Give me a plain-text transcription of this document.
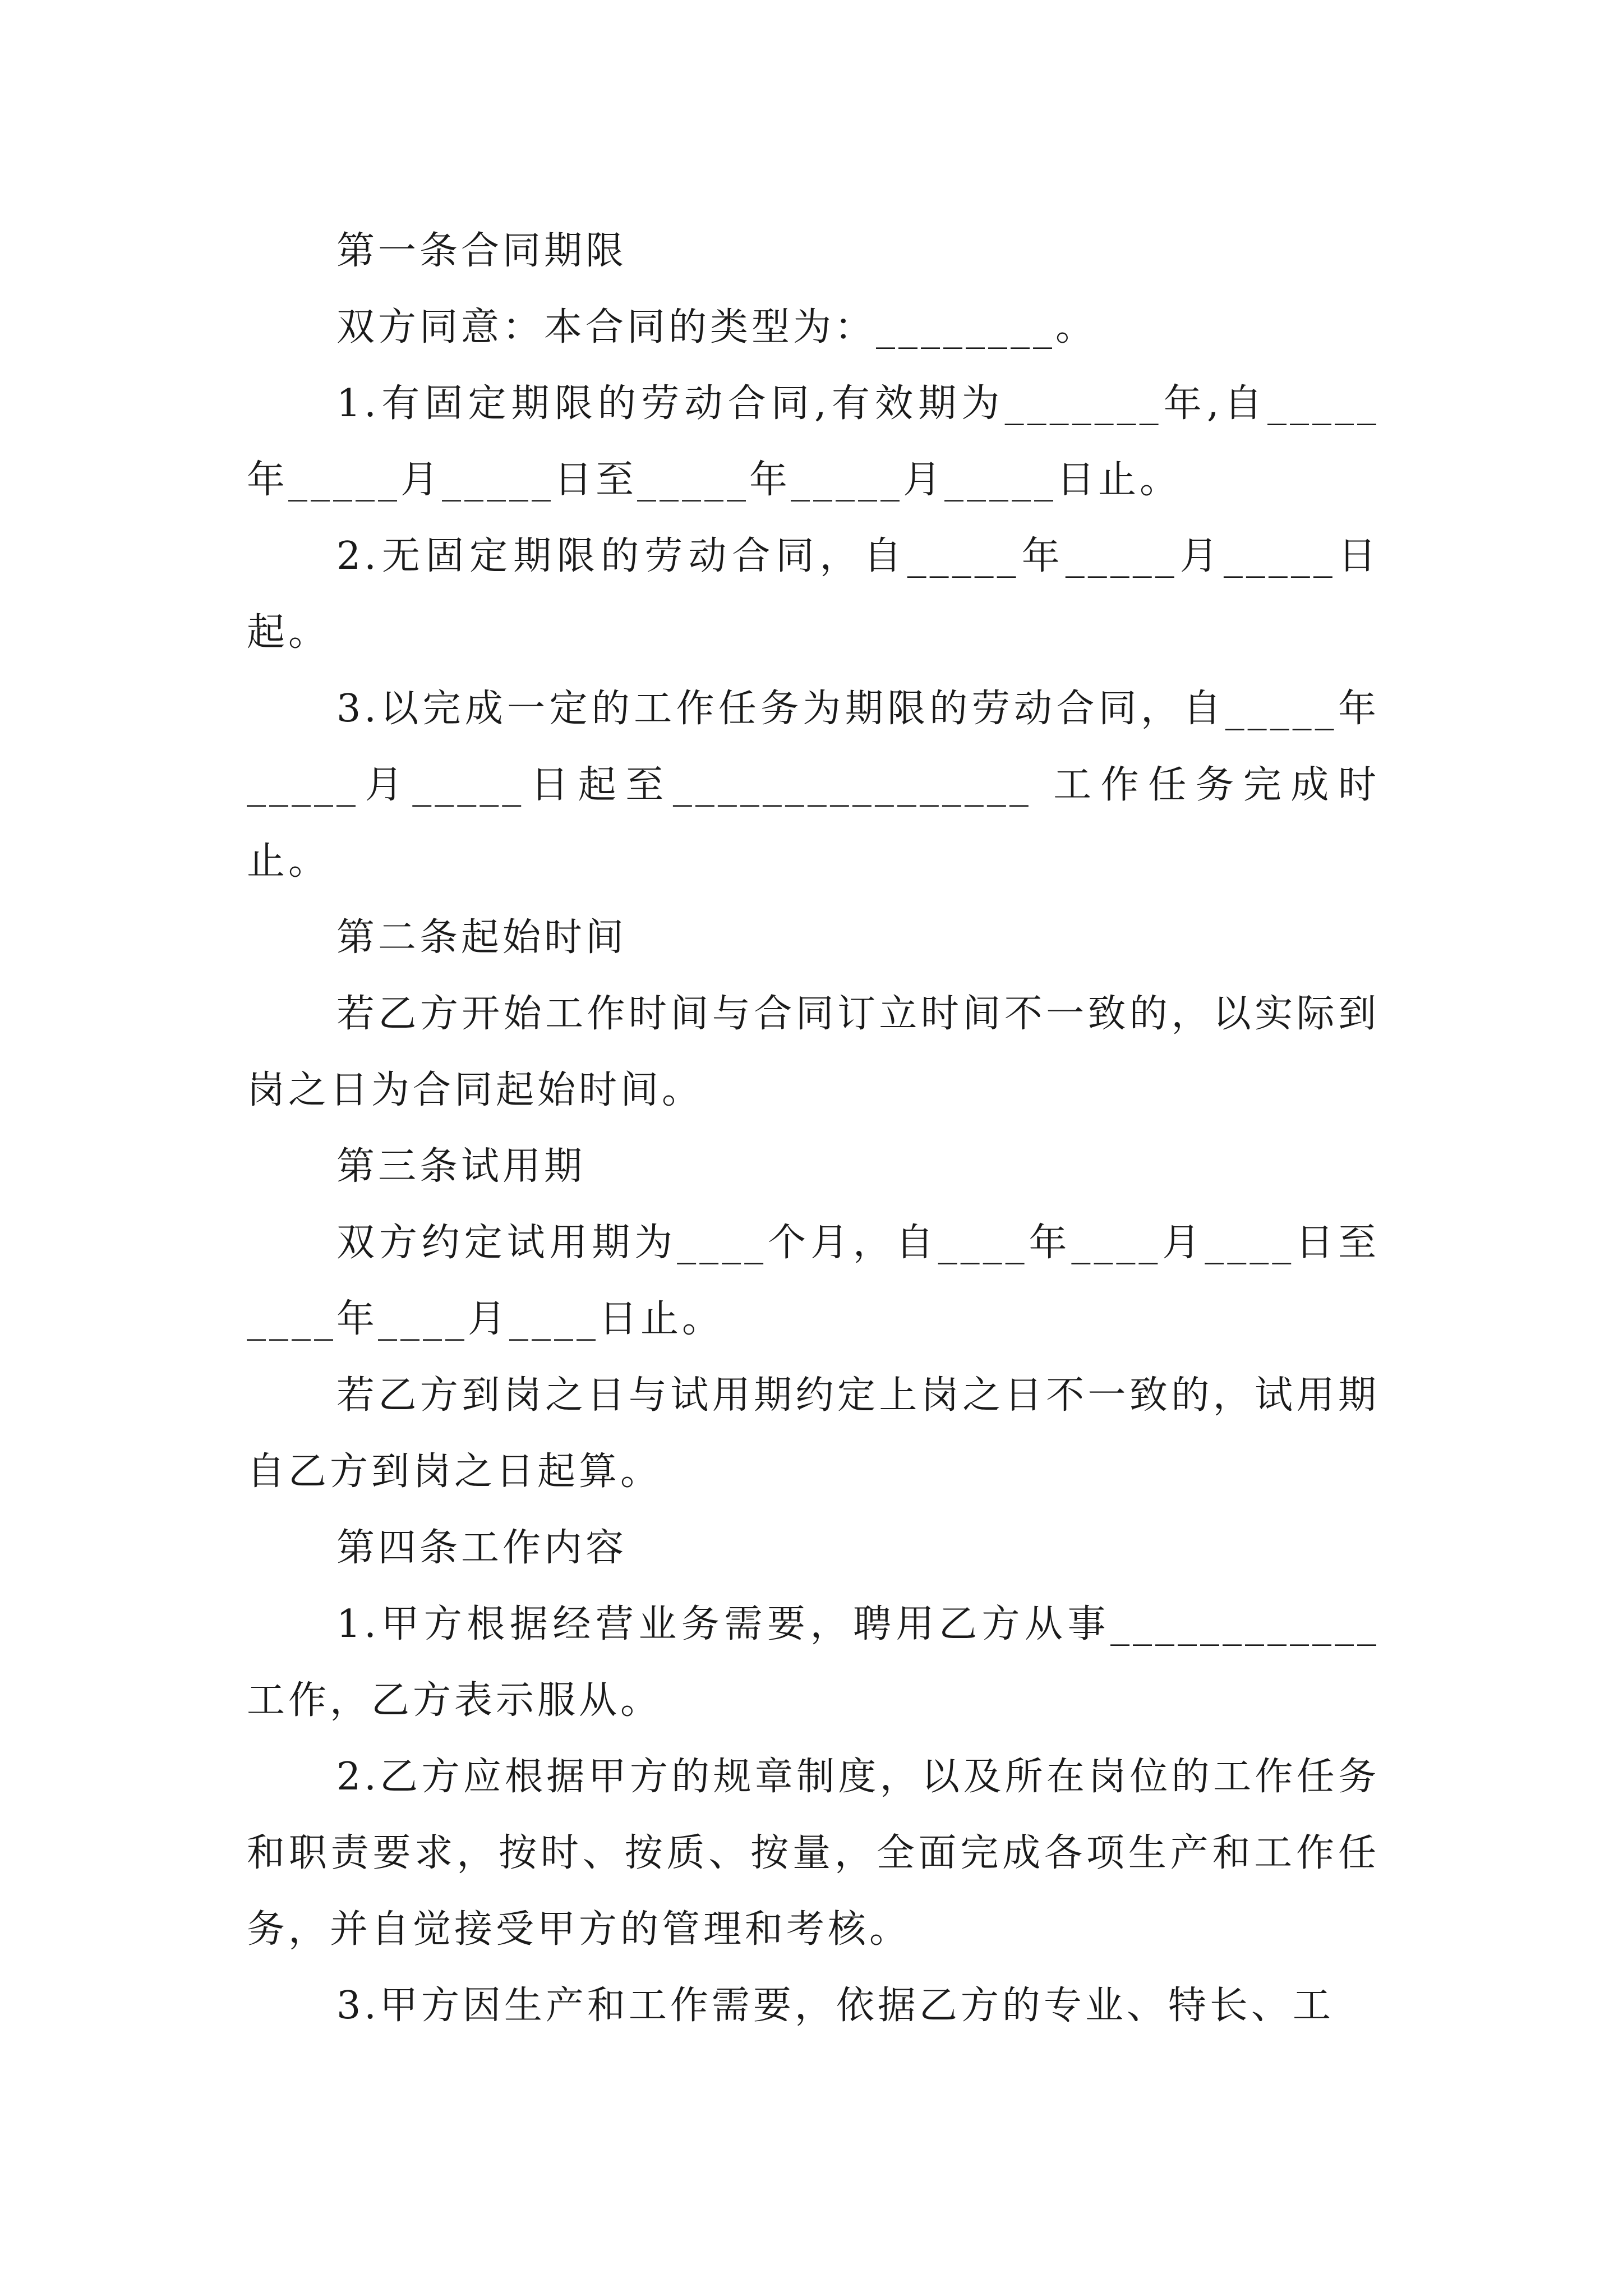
第一条合同期限

双方同意：本合同的类型为：________。

1.有固定期限的劳动合同,有效期为_______年,自_____年_____月_____日至_____年_____月_____日止。

2.无固定期限的劳动合同，自_____年_____月_____日起。

3.以完成一定的工作任务为期限的劳动合同，自_____年_____月_____日起至________________ 工作任务完成时止。

第二条起始时间

若乙方开始工作时间与合同订立时间不一致的，以实际到岗之日为合同起始时间。

第三条试用期

双方约定试用期为____个月，自____年____月____日至____年____月____日止。

若乙方到岗之日与试用期约定上岗之日不一致的，试用期自乙方到岗之日起算。

第四条工作内容

1.甲方根据经营业务需要，聘用乙方从事____________工作，乙方表示服从。

2.乙方应根据甲方的规章制度，以及所在岗位的工作任务和职责要求，按时、按质、按量，全面完成各项生产和工作任务，并自觉接受甲方的管理和考核。

3.甲方因生产和工作需要，依据乙方的专业、特长、工
